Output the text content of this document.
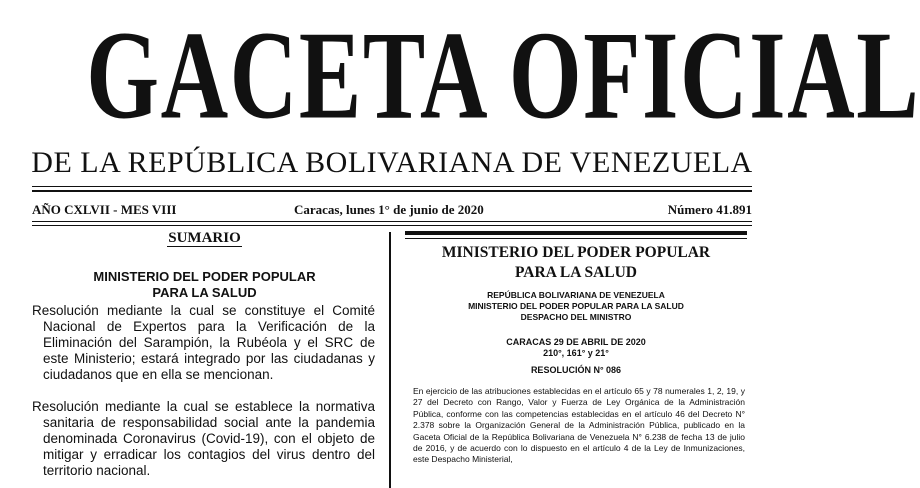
GACETA OFICIAL
DE LA REPÚBLICA BOLIVARIANA DE VENEZUELA
AÑO CXLVII - MES VIII	Caracas, lunes 1° de junio de 2020	Número 41.891
SUMARIO
MINISTERIO DEL PODER POPULAR
PARA LA SALUD
Resolución mediante la cual se constituye el Comité Nacional de Expertos para la Verificación de la Eliminación del Sarampión, la Rubéola y el SRC de este Ministerio; estará integrado por las ciudadanas y ciudadanos que en ella se mencionan.
Resolución mediante la cual se establece la normativa sanitaria de responsabilidad social ante la pandemia denominada Coronavirus (Covid-19), con el objeto de mitigar y erradicar los contagios del virus dentro del territorio nacional.
MINISTERIO DEL PODER POPULAR
PARA LA SALUD
REPÚBLICA BOLIVARIANA DE VENEZUELA
MINISTERIO DEL PODER POPULAR PARA LA SALUD
DESPACHO DEL MINISTRO
CARACAS 29 DE ABRIL DE 2020
210°, 161° y 21°
RESOLUCIÓN N° 086
En ejercicio de las atribuciones establecidas en el artículo 65 y 78 numerales 1, 2, 19, y 27 del Decreto con Rango, Valor y Fuerza de Ley Orgánica de la Administración Pública, conforme con las competencias establecidas en el artículo 46 del Decreto N° 2.378 sobre la Organización General de la Administración Pública, publicado en la Gaceta Oficial de la República Bolivariana de Venezuela N° 6.238 de fecha 13 de julio de 2016, y de acuerdo con lo dispuesto en el artículo 4 de la Ley de Inmunizaciones, este Despacho Ministerial,
